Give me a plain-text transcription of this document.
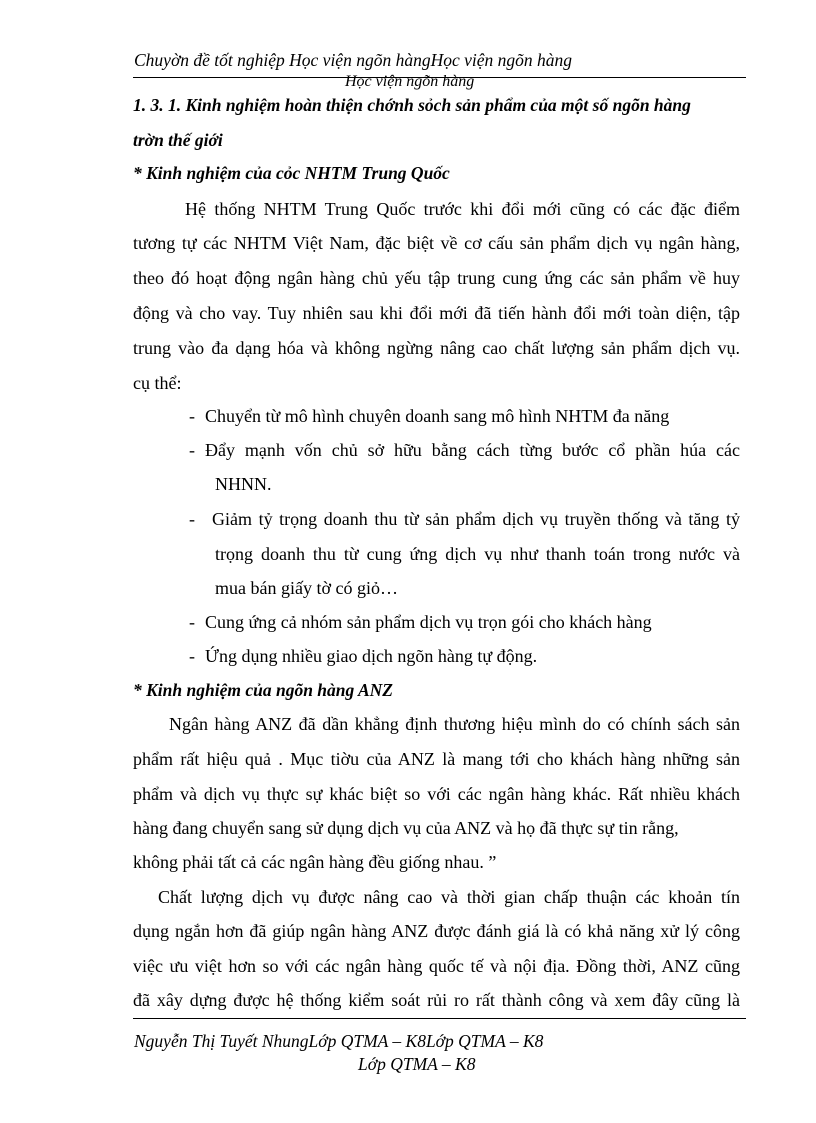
Chuyờn đề tốt nghiệp Học viện ngõn hàngHọc viện ngõn hàng
Học viện ngõn hàng
1. 3. 1. Kinh nghiệm hoàn thiện chớnh sỏch sản phẩm của một số ngõn hàng
trờn thế giới
* Kinh nghiệm của cỏc NHTM Trung Quốc
Hệ thống NHTM Trung Quốc trước khi đổi mới cũng có các đặc điểm
tương tự các NHTM Việt Nam, đặc biệt về cơ cấu sản phẩm dịch vụ ngân hàng,
theo đó hoạt động ngân hàng chủ yếu tập trung cung ứng các sản phẩm về huy
động và cho vay. Tuy nhiên sau khi đổi mới đã tiến hành đổi mới toàn diện, tập
trung vào đa dạng hóa và không ngừng nâng cao chất lượng sản phẩm dịch vụ.
cụ thể:
- Chuyển từ mô hình chuyên doanh sang mô hình NHTM đa năng
- Đẩy mạnh vốn chủ sở hữu bằng cách từng bước cổ phần húa các
NHNN.
- Giảm tỷ trọng doanh thu từ sản phẩm dịch vụ truyền thống và tăng tỷ
trọng doanh thu từ cung ứng dịch vụ như thanh toán trong nước và
mua bán giấy tờ có giỏ…
- Cung ứng cả nhóm sản phẩm dịch vụ trọn gói cho khách hàng
- Ứng dụng nhiều giao dịch ngõn hàng tự động.
* Kinh nghiệm của ngõn hàng ANZ
Ngân hàng ANZ đã dần khẳng định thương hiệu mình do có chính sách sản
phẩm rất hiệu quả . Mục tiờu của ANZ là mang tới cho khách hàng những sản
phẩm và dịch vụ thực sự khác biệt so với các ngân hàng khác. Rất nhiều khách
hàng đang chuyển sang sử dụng dịch vụ của ANZ và họ đã thực sự tin rằng,
không phải tất cả các ngân hàng đều giống nhau. ”
Chất lượng dịch vụ được nâng cao và thời gian chấp thuận các khoản tín
dụng ngắn hơn đã giúp ngân hàng ANZ được đánh giá là có khả năng xử lý công
việc ưu việt hơn so với các ngân hàng quốc tế và nội địa. Đồng thời, ANZ cũng
đã xây dựng được hệ thống kiểm soát rủi ro rất thành công và xem đây cũng là
Nguyễn Thị Tuyết NhungLớp QTMA – K8Lớp QTMA – K8
Lớp QTMA – K8
